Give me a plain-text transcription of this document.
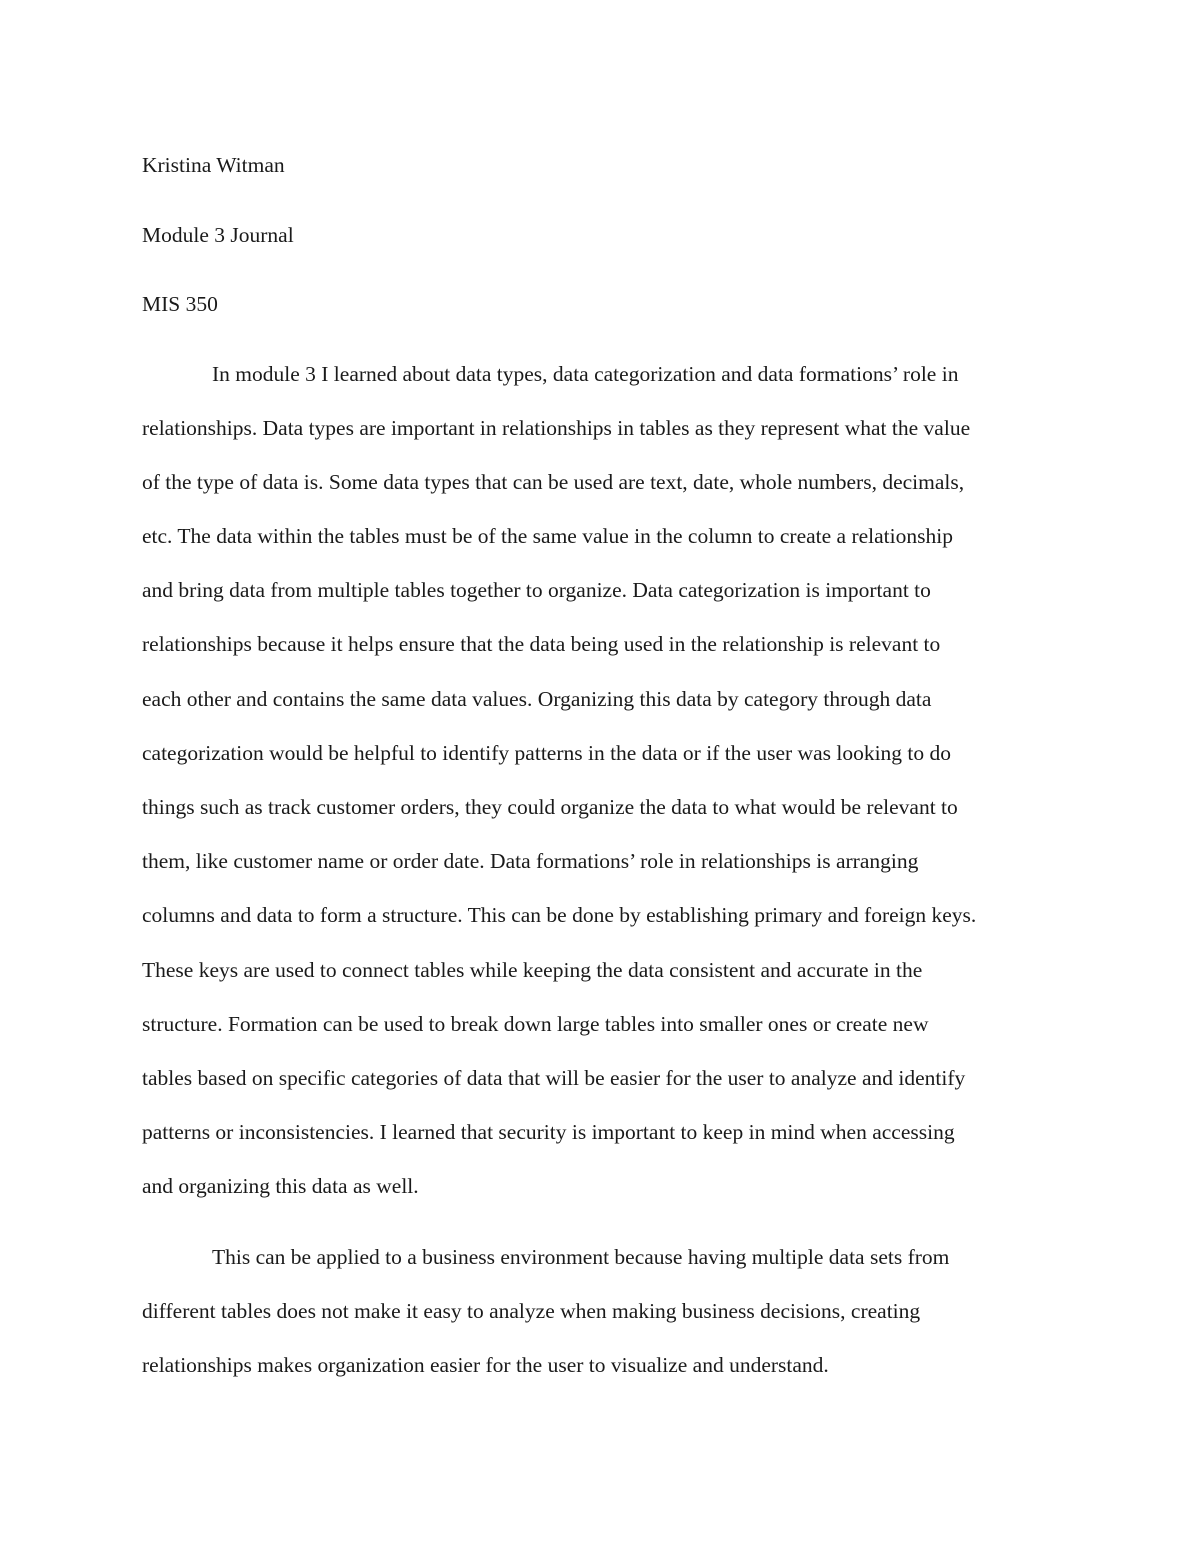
Kristina Witman

Module 3 Journal

MIS 350

In module 3 I learned about data types, data categorization and data formations’ role in

relationships. Data types are important in relationships in tables as they represent what the value

of the type of data is. Some data types that can be used are text, date, whole numbers, decimals,

etc. The data within the tables must be of the same value in the column to create a relationship

and bring data from multiple tables together to organize. Data categorization is important to

relationships because it helps ensure that the data being used in the relationship is relevant to

each other and contains the same data values. Organizing this data by category through data

categorization would be helpful to identify patterns in the data or if the user was looking to do

things such as track customer orders, they could organize the data to what would be relevant to

them, like customer name or order date. Data formations’ role in relationships is arranging

columns and data to form a structure. This can be done by establishing primary and foreign keys.

These keys are used to connect tables while keeping the data consistent and accurate in the

structure. Formation can be used to break down large tables into smaller ones or create new

tables based on specific categories of data that will be easier for the user to analyze and identify

patterns or inconsistencies. I learned that security is important to keep in mind when accessing

and organizing this data as well.

This can be applied to a business environment because having multiple data sets from

different tables does not make it easy to analyze when making business decisions, creating

relationships makes organization easier for the user to visualize and understand.
